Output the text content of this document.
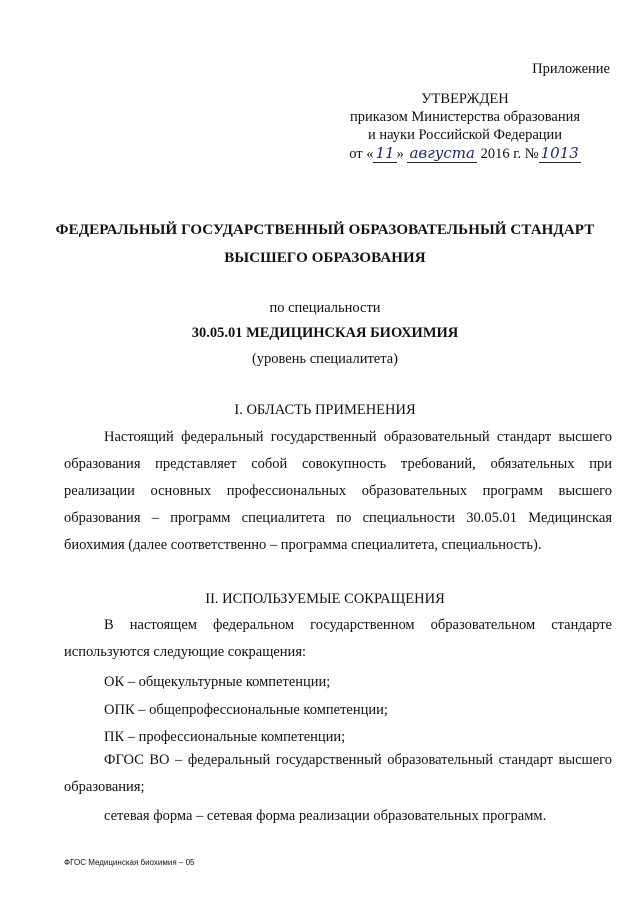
Приложение
УТВЕРЖДЕН
приказом Министерства образования
и науки Российской Федерации
от « 11 » августа 2016 г. № 1013
ФЕДЕРАЛЬНЫЙ ГОСУДАРСТВЕННЫЙ ОБРАЗОВАТЕЛЬНЫЙ СТАНДАРТ
ВЫСШЕГО ОБРАЗОВАНИЯ
по специальности
30.05.01 МЕДИЦИНСКАЯ БИОХИМИЯ
(уровень специалитета)
I. ОБЛАСТЬ ПРИМЕНЕНИЯ
Настоящий федеральный государственный образовательный стандарт высшего образования представляет собой совокупность требований, обязательных при реализации основных профессиональных образовательных программ высшего образования – программ специалитета по специальности 30.05.01 Медицинская биохимия (далее соответственно – программа специалитета, специальность).
II. ИСПОЛЬЗУЕМЫЕ СОКРАЩЕНИЯ
В настоящем федеральном государственном образовательном стандарте используются следующие сокращения:
ОК – общекультурные компетенции;
ОПК – общепрофессиональные компетенции;
ПК – профессиональные компетенции;
ФГОС ВО – федеральный государственный образовательный стандарт высшего образования;
сетевая форма – сетевая форма реализации образовательных программ.
ФГОС Медицинская биохимия – 05
